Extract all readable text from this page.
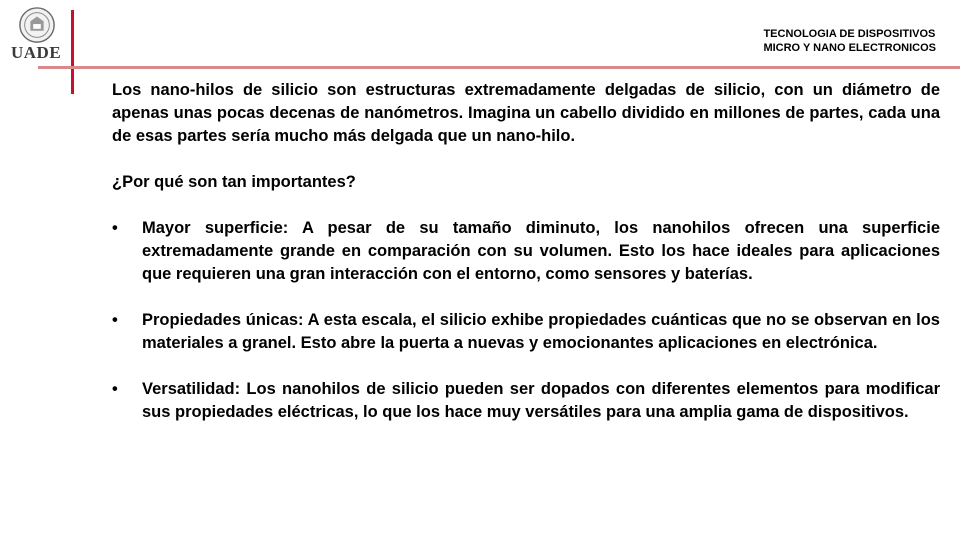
UADE
TECNOLOGIA DE DISPOSITIVOS
MICRO Y NANO ELECTRONICOS

Los nano-hilos de silicio son estructuras extremadamente delgadas de silicio, con un diámetro de apenas unas pocas decenas de nanómetros. Imagina un cabello dividido en millones de partes, cada una de esas partes sería mucho más delgada que un nano-hilo.

¿Por qué son tan importantes?

• Mayor superficie: A pesar de su tamaño diminuto, los nanohilos ofrecen una superficie extremadamente grande en comparación con su volumen. Esto los hace ideales para aplicaciones que requieren una gran interacción con el entorno, como sensores y baterías.
• Propiedades únicas: A esta escala, el silicio exhibe propiedades cuánticas que no se observan en los materiales a granel. Esto abre la puerta a nuevas y emocionantes aplicaciones en electrónica.
• Versatilidad: Los nanohilos de silicio pueden ser dopados con diferentes elementos para modificar sus propiedades eléctricas, lo que los hace muy versátiles para una amplia gama de dispositivos.
